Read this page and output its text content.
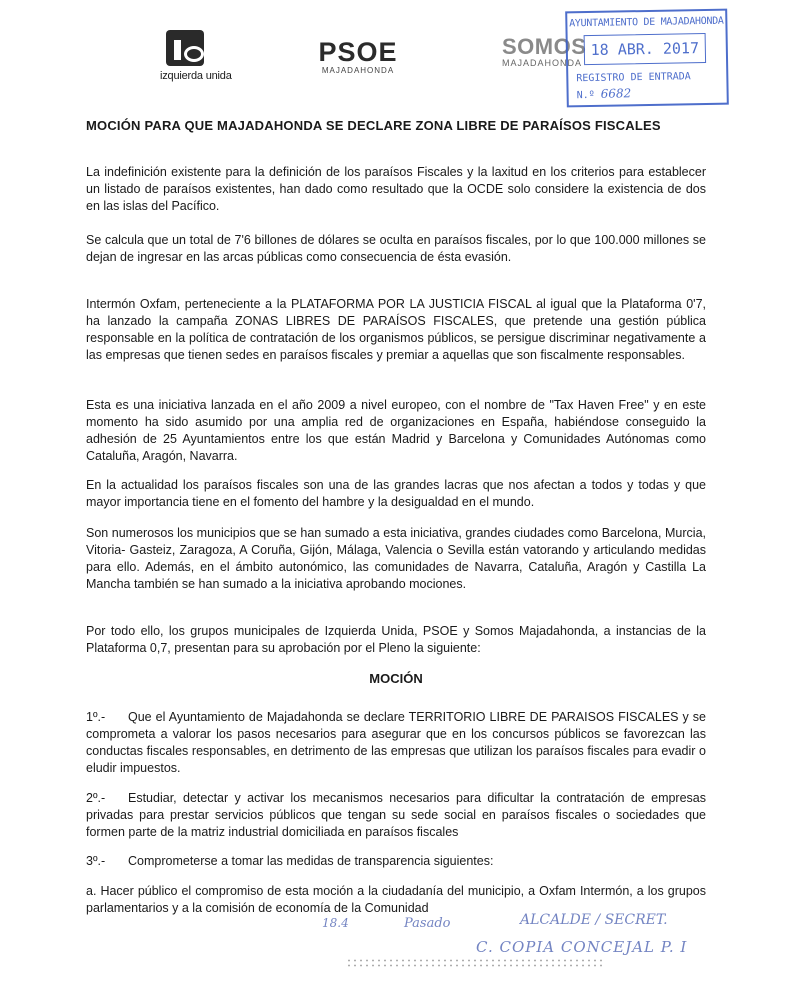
izquierda unida
PSOE
MAJADAHONDA
SOMOS
MAJADAHONDA
AYUNTAMIENTO DE MAJADAHONDA
18 ABR. 2017
REGISTRO DE ENTRADA
N.º 6682
MOCIÓN PARA QUE MAJADAHONDA SE DECLARE ZONA LIBRE DE PARAÍSOS FISCALES
La indefinición existente para la definición de los paraísos Fiscales y la laxitud en los criterios para establecer un listado de paraísos existentes, han dado como resultado que la OCDE solo considere la existencia de dos en las islas del Pacífico.
Se calcula que un total de 7'6 billones de dólares se oculta en paraísos fiscales, por lo que 100.000 millones se dejan de ingresar en las arcas públicas como consecuencia de ésta evasión.
Intermón Oxfam, perteneciente a la PLATAFORMA POR LA JUSTICIA FISCAL al igual que la Plataforma 0'7, ha lanzado la campaña ZONAS LIBRES DE PARAÍSOS FISCALES, que pretende una gestión pública responsable en la política de contratación de los organismos públicos, se persigue discriminar negativamente a las empresas que tienen sedes en paraísos fiscales y premiar a aquellas que son fiscalmente responsables.
Esta es una iniciativa lanzada en el año 2009 a nivel europeo, con el nombre de "Tax Haven Free" y en este momento ha sido asumido por una amplia red de organizaciones en España, habiéndose conseguido la adhesión de 25 Ayuntamientos entre los que están Madrid y Barcelona y Comunidades Autónomas como Cataluña, Aragón, Navarra.
En la actualidad los paraísos fiscales son una de las grandes lacras que nos afectan a todos y todas y que mayor importancia tiene en el fomento del hambre y la desigualdad en el mundo.
Son numerosos los municipios que se han sumado a esta iniciativa, grandes ciudades como Barcelona, Murcia, Vitoria- Gasteiz, Zaragoza, A Coruña, Gijón, Málaga, Valencia o Sevilla están vatorando y articulando medidas para ello. Además, en el ámbito autonómico, las comunidades de Navarra, Cataluña, Aragón y Castilla La Mancha también se han sumado a la iniciativa aprobando mociones.
Por todo ello, los grupos municipales de Izquierda Unida, PSOE y Somos Majadahonda, a instancias de la Plataforma 0,7, presentan para su aprobación por el Pleno la siguiente:
MOCIÓN
1º.- Que el Ayuntamiento de Majadahonda se declare TERRITORIO LIBRE DE PARAISOS FISCALES y se comprometa a valorar los pasos necesarios para asegurar que en los concursos públicos se favorezcan las conductas fiscales responsables, en detrimento de las empresas que utilizan los paraísos fiscales para evadir o eludir impuestos.
2º.- Estudiar, detectar y activar los mecanismos necesarios para dificultar la contratación de empresas privadas para prestar servicios públicos que tengan su sede social en paraísos fiscales o sociedades que formen parte de la matriz industrial domiciliada en paraísos fiscales
3º.- Comprometerse a tomar las medidas de transparencia siguientes:
a. Hacer público el compromiso de esta moción a la ciudadanía del municipio, a Oxfam Intermón, a los grupos parlamentarios y a la comisión de economía de la Comunidad
18.4	Pasado	ALCALDE / SECRET.
C. COPIA CONCEJAL P. I
